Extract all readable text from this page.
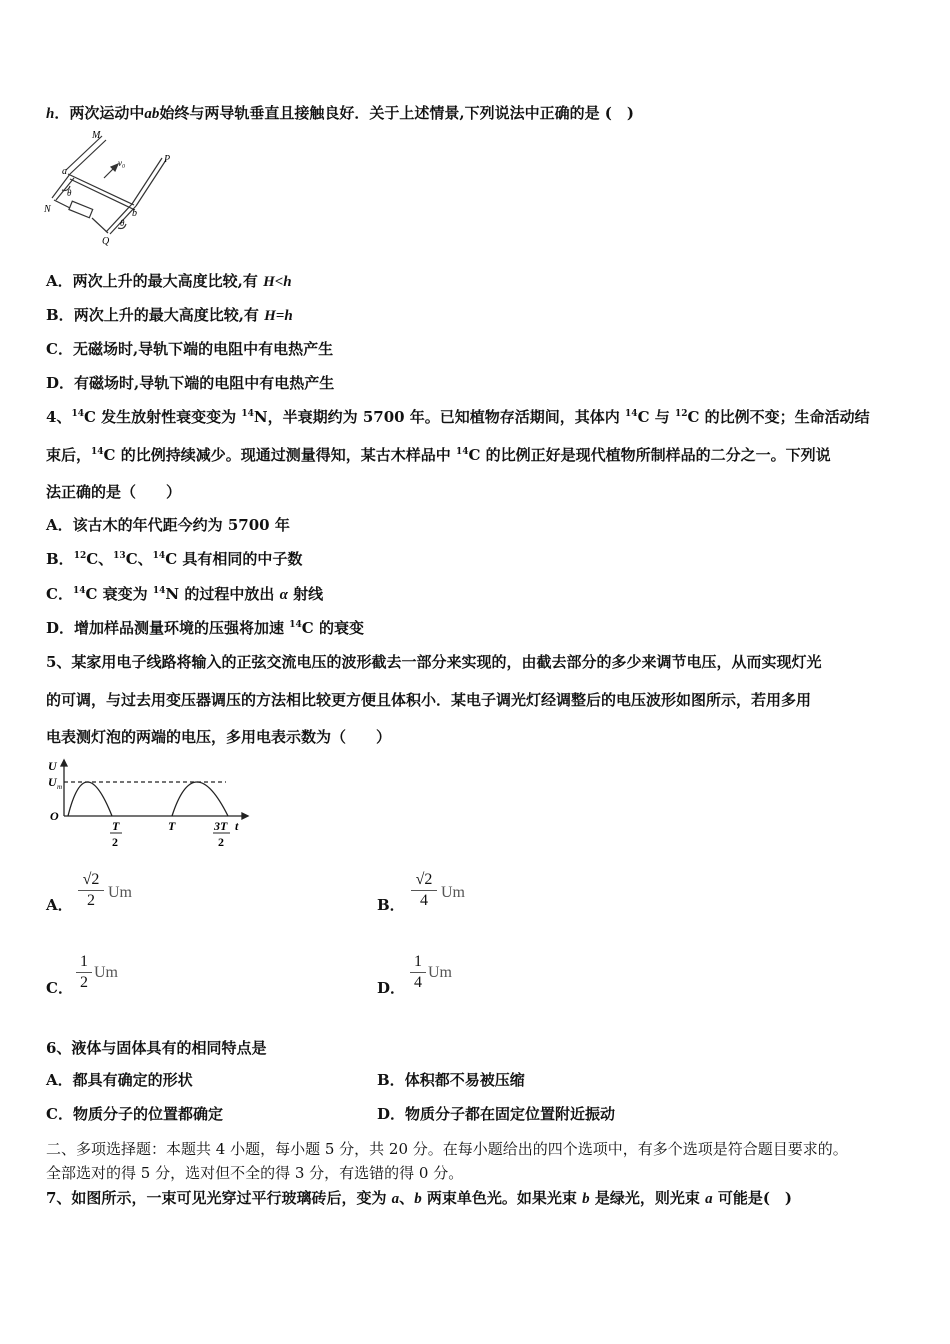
h．两次运动中ab始终与两导轨垂直且接触良好．关于上述情景,下列说法中正确的是 (　)
M
P
a
b
N
Q
v₀
θ
θ
A．两次上升的最大高度比较,有 H<h
B．两次上升的最大高度比较,有 H=h
C．无磁场时,导轨下端的电阻中有电热产生
D．有磁场时,导轨下端的电阻中有电热产生
4、$^{14}$C 发生放射性衰变变为 $^{14}$N，半衰期约为 5700 年。已知植物存活期间，其体内 $^{14}$C 与 $^{12}$C 的比例不变；生命活动结
束后，$^{14}$C 的比例持续减少。现通过测量得知，某古木样品中 $^{14}$C 的比例正好是现代植物所制样品的二分之一。下列说
法正确的是（　　）
A．该古木的年代距今约为 5700 年
B．$^{12}$C、$^{13}$C、$^{14}$C 具有相同的中子数
C．$^{14}$C 衰变为 $^{14}$N 的过程中放出 α 射线
D．增加样品测量环境的压强将加速 $^{14}$C 的衰变
5、某家用电子线路将输入的正弦交流电压的波形截去一部分来实现的，由截去部分的多少来调节电压，从而实现灯光
的可调，与过去用变压器调压的方法相比较更方便且体积小．某电子调光灯经调整后的电压波形如图所示，若用多用
电表测灯泡的两端的电压，多用电表示数为（　　）
U
U m
O
T
2
T	3T
2
t
A．
√2
2 Um
B．
√2
4 Um
C．
1
2
Um
D．
1
4
Um
6、液体与固体具有的相同特点是
A．都具有确定的形状	B．体积都不易被压缩
C．物质分子的位置都确定	D．物质分子都在固定位置附近振动
二、多项选择题：本题共 4 小题，每小题 5 分，共 20 分。在每小题给出的四个选项中，有多个选项是符合题目要求的。
全部选对的得 5 分，选对但不全的得 3 分，有选错的得 0 分。
7、如图所示，一束可见光穿过平行玻璃砖后，变为 a、b 两束单色光。如果光束 b 是绿光，则光束 a 可能是(　)
